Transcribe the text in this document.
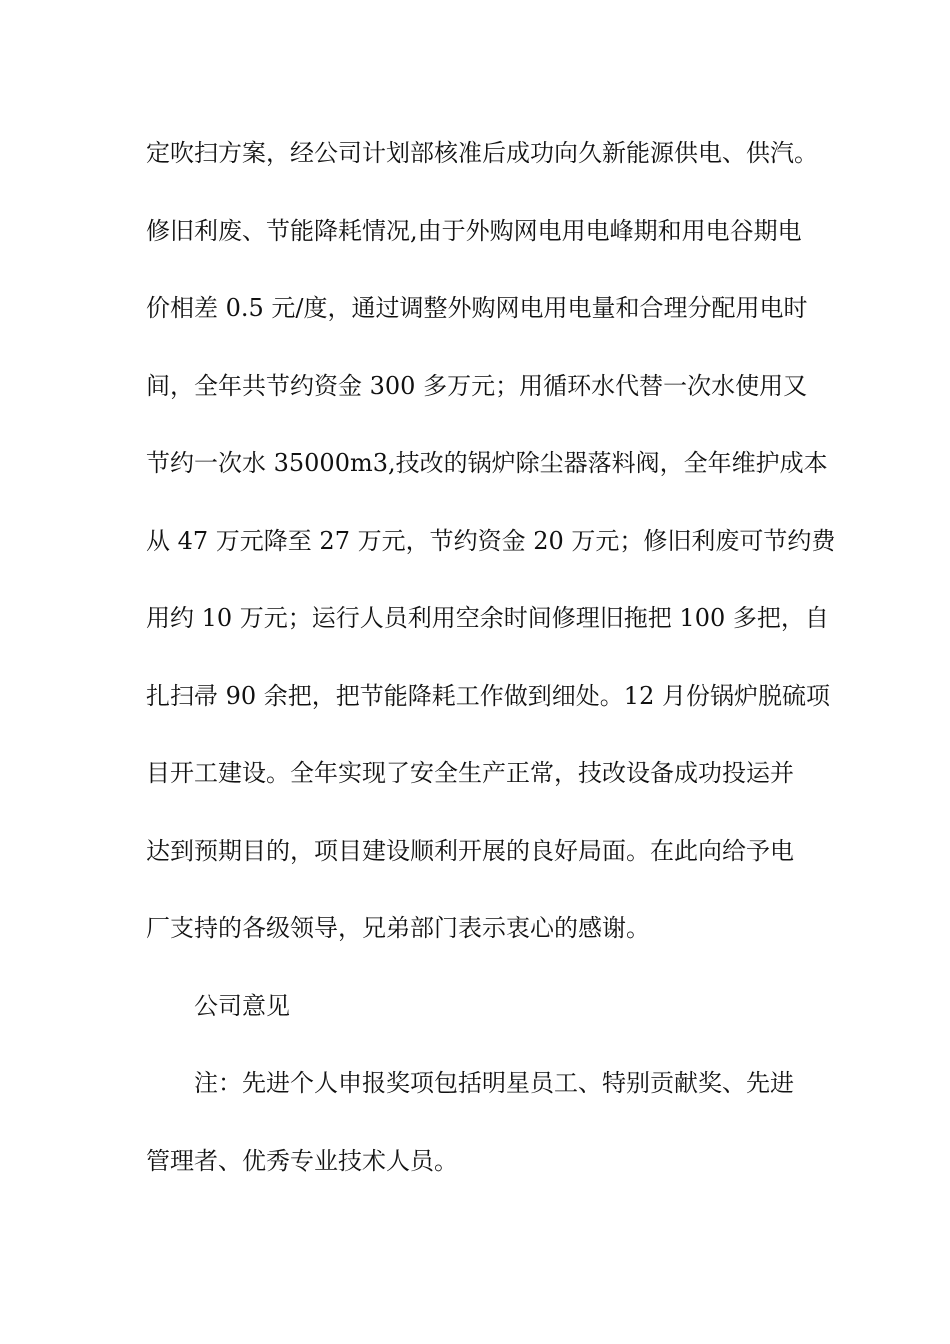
定吹扫方案，经公司计划部核准后成功向久新能源供电、供汽。
修旧利废、节能降耗情况,由于外购网电用电峰期和用电谷期电
价相差 0.5 元/度，通过调整外购网电用电量和合理分配用电时
间，全年共节约资金 300 多万元；用循环水代替一次水使用又
节约一次水 35000m3,技改的锅炉除尘器落料阀，全年维护成本
从 47 万元降至 27 万元，节约资金 20 万元；修旧利废可节约费
用约 10 万元；运行人员利用空余时间修理旧拖把 100 多把，自
扎扫帚 90 余把，把节能降耗工作做到细处。12 月份锅炉脱硫项
目开工建设。全年实现了安全生产正常，技改设备成功投运并
达到预期目的，项目建设顺利开展的良好局面。在此向给予电
厂支持的各级领导，兄弟部门表示衷心的感谢。
公司意见
注：先进个人申报奖项包括明星员工、特别贡献奖、先进
管理者、优秀专业技术人员。
